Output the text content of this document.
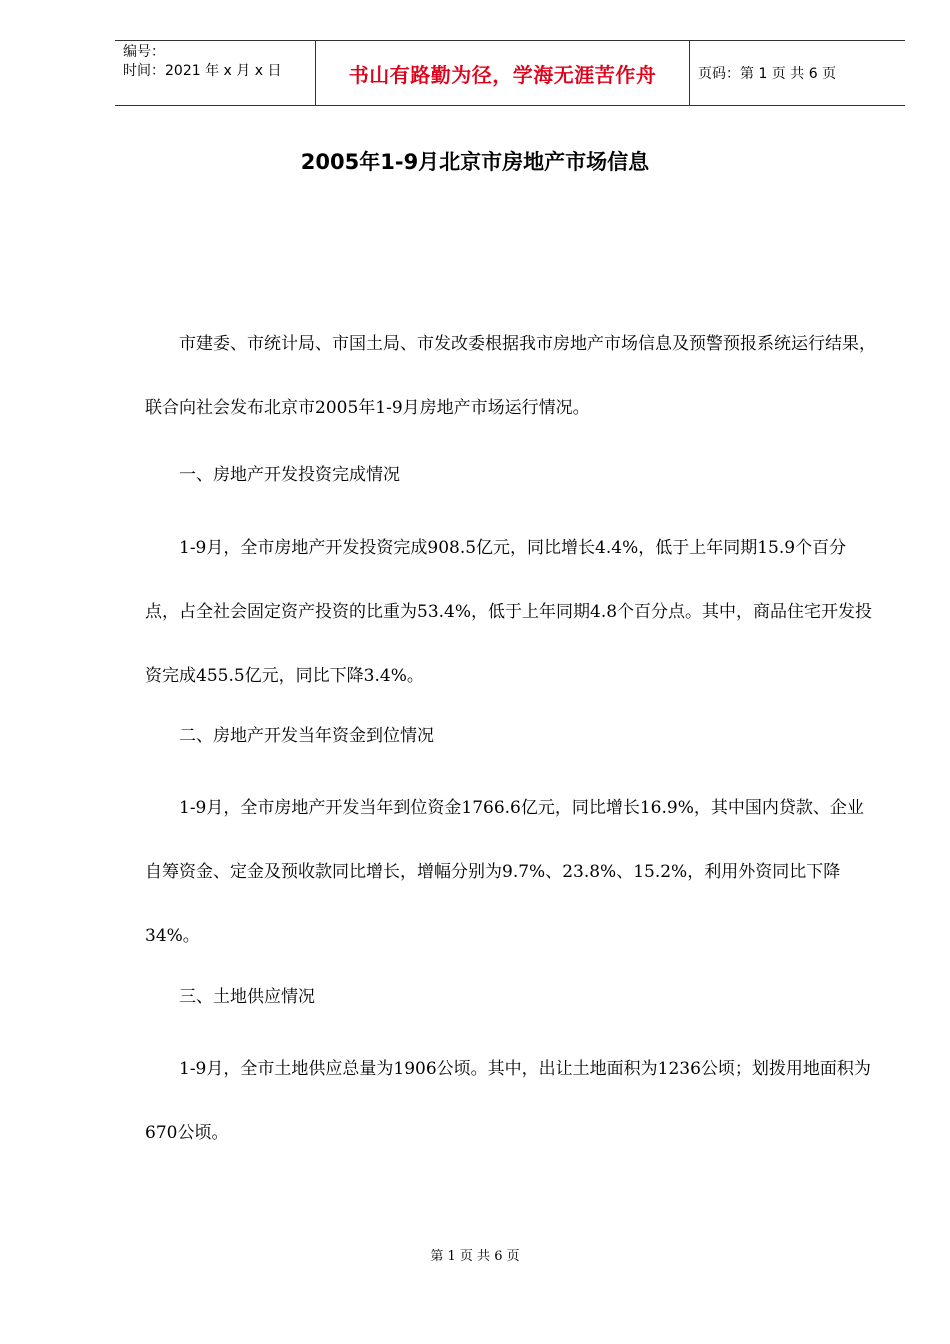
编号：
时间：2021 年 x 月 x 日	书山有路勤为径，学海无涯苦作舟	页码：第 1 页 共 6 页
2005年1-9月北京市房地产市场信息

　　市建委、市统计局、市国土局、市发改委根据我市房地产市场信息及预警预报系统运行结果，联合向社会发布北京市2005年1-9月房地产市场运行情况。

　　一、房地产开发投资完成情况

　　1-9月，全市房地产开发投资完成908.5亿元，同比增长4.4%，低于上年同期15.9个百分点，占全社会固定资产投资的比重为53.4%，低于上年同期4.8个百分点。其中，商品住宅开发投资完成455.5亿元，同比下降3.4%。

　　二、房地产开发当年资金到位情况

　　1-9月，全市房地产开发当年到位资金1766.6亿元，同比增长16.9%，其中国内贷款、企业自筹资金、定金及预收款同比增长，增幅分别为9.7%、23.8%、15.2%，利用外资同比下降34%。

　　三、土地供应情况

　　1-9月，全市土地供应总量为1906公顷。其中，出让土地面积为1236公顷；划拨用地面积为670公顷。

第 1 页 共 6 页
